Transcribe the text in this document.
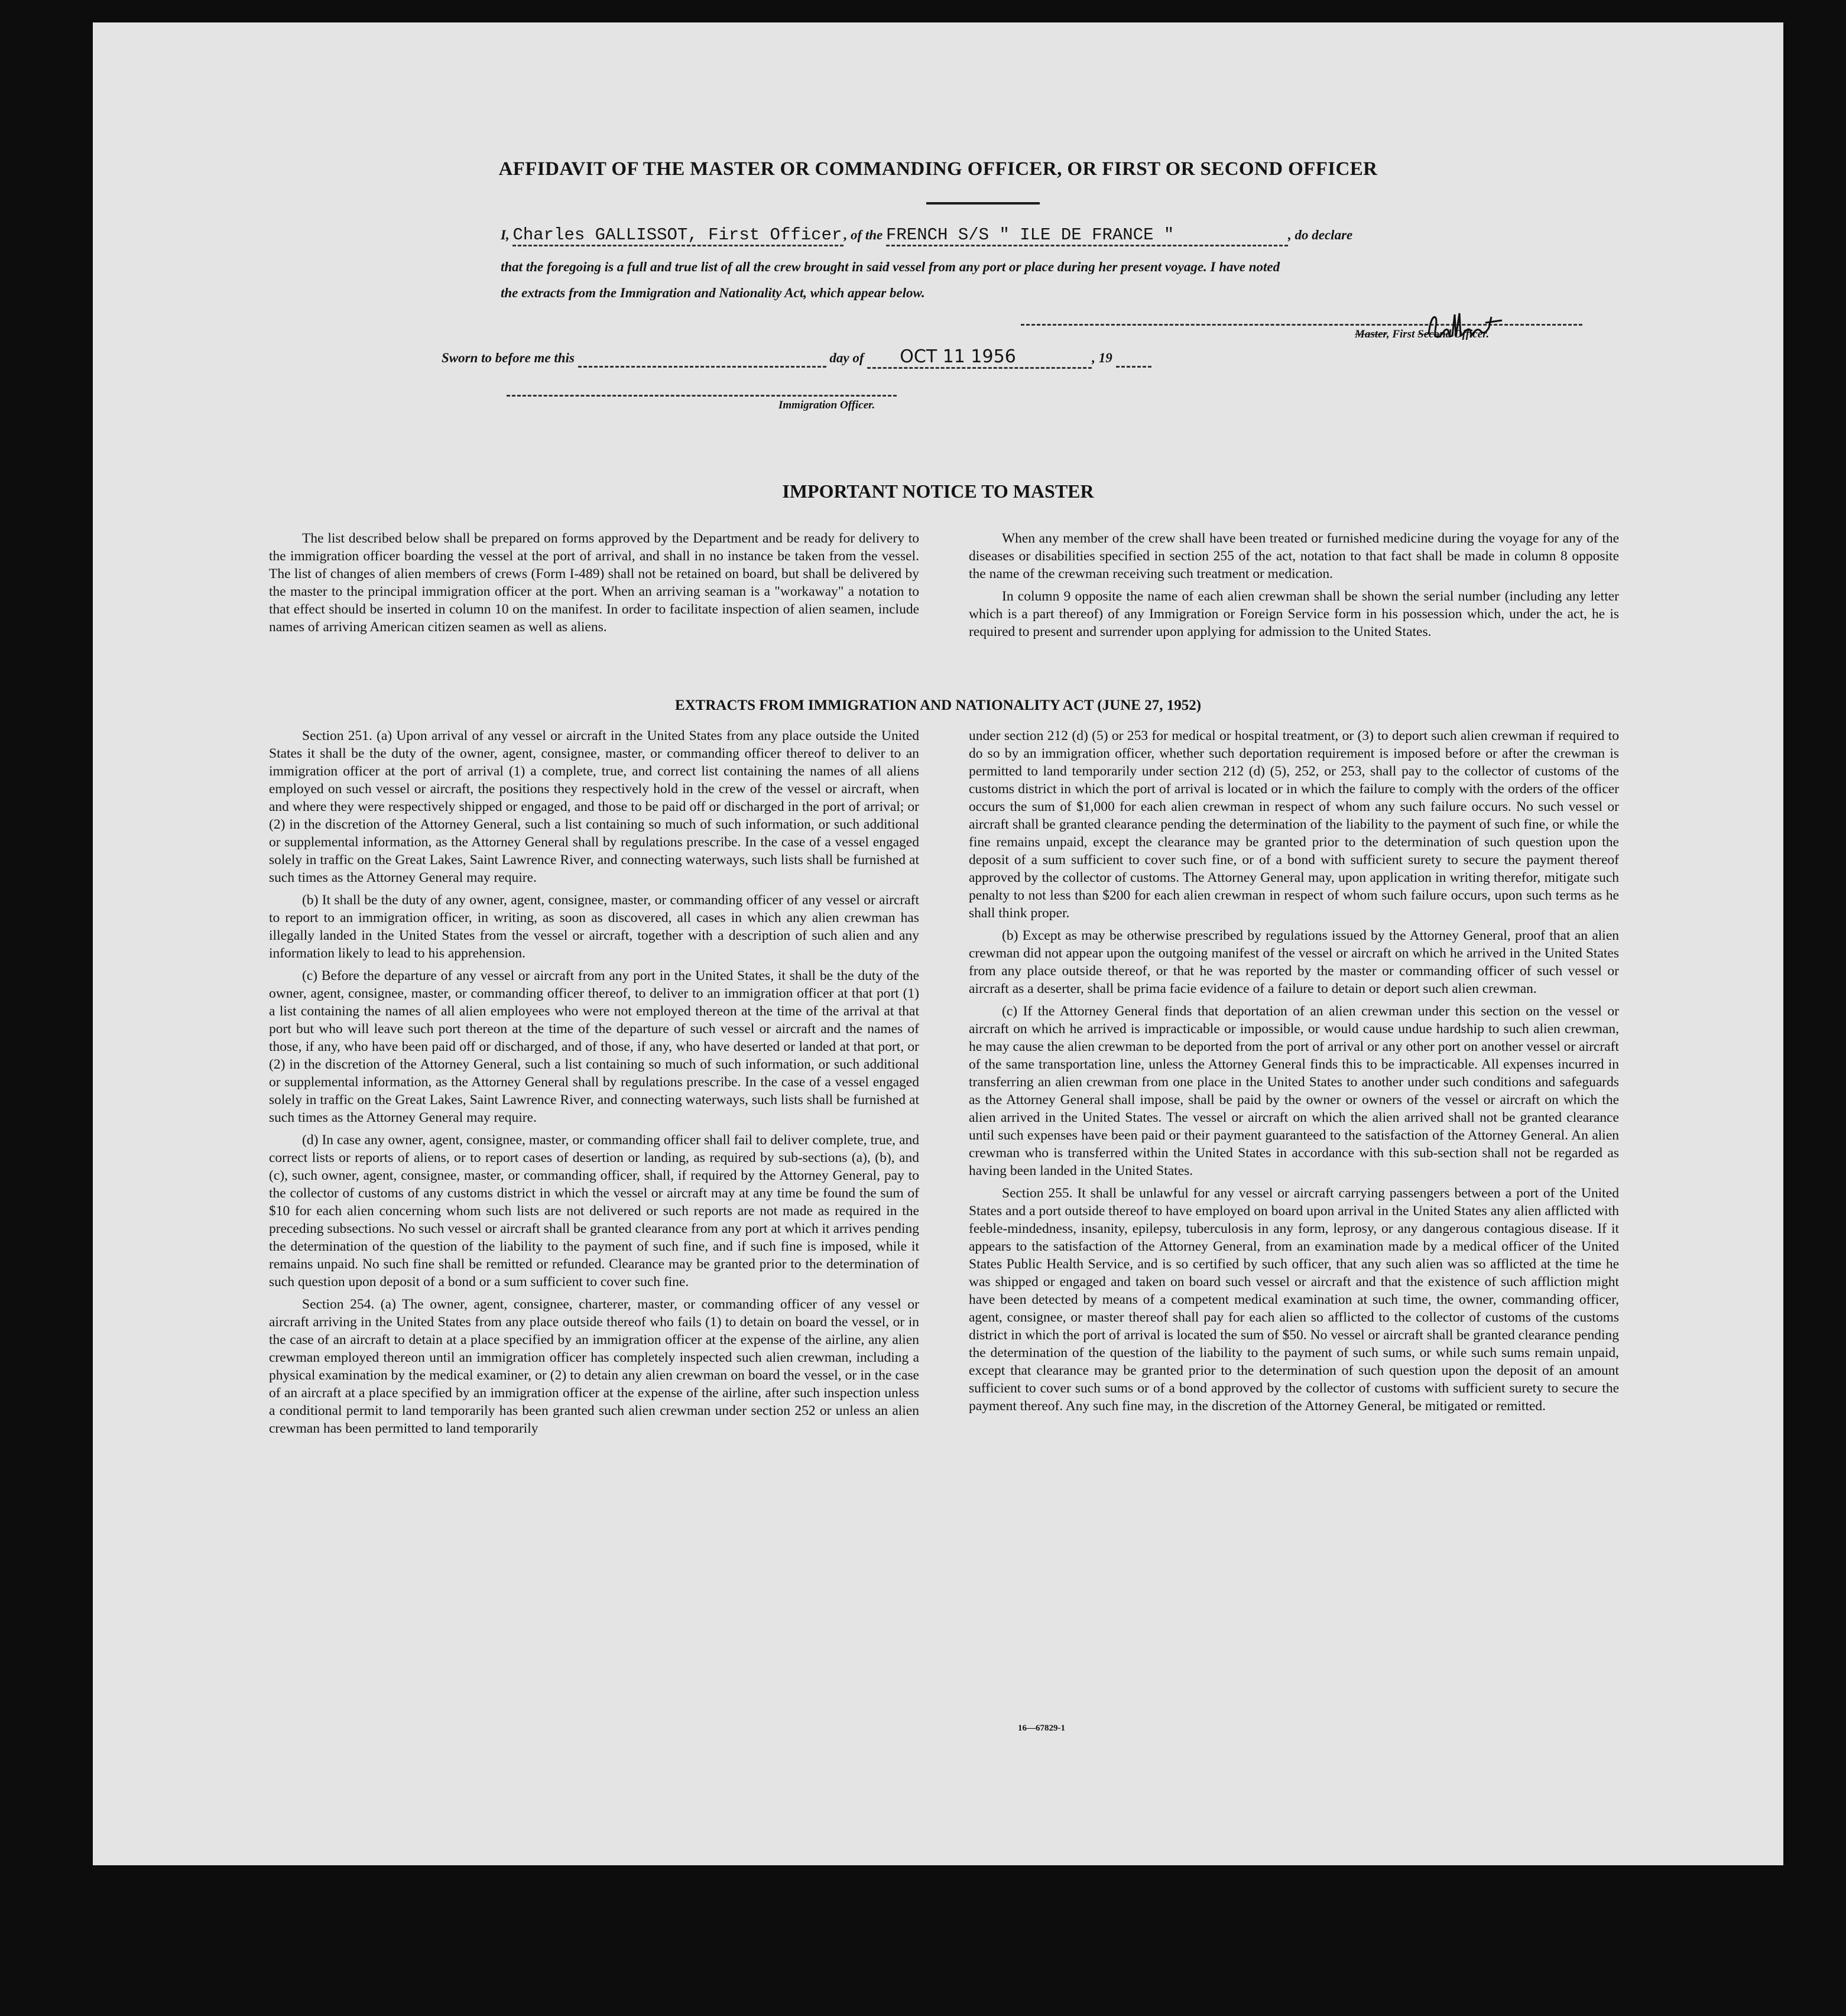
AFFIDAVIT OF THE MASTER OR COMMANDING OFFICER, OR FIRST OR SECOND OFFICER
I, Charles GALLISSOT, First Officer , of the FRENCH S/S " ILE DE FRANCE "	, do declare
that the foregoing is a full and true list of all the crew brought in said vessel from any port or place during her present voyage. I have noted
the extracts from the Immigration and Nationality Act, which appear below.
Master, First Second Officer.
Sworn to before me this	day of OCT 11 1956	, 19
Immigration Officer.
IMPORTANT NOTICE TO MASTER

The list described below shall be prepared on forms approved by the Department and be ready for delivery to the immigration officer boarding the vessel at the port of arrival, and shall in no instance be taken from the vessel. The list of changes of alien members of crews (Form I-489) shall not be retained on board, but shall be delivered by the master to the principal immigration officer at the port. When an arriving seaman is a "workaway" a notation to that effect should be inserted in column 10 on the manifest. In order to facilitate inspection of alien seamen, include names of arriving American citizen seamen as well as aliens.

When any member of the crew shall have been treated or furnished medicine during the voyage for any of the diseases or disabilities specified in section 255 of the act, notation to that fact shall be made in column 8 opposite the name of the crewman receiving such treatment or medication.

In column 9 opposite the name of each alien crewman shall be shown the serial number (including any letter which is a part thereof) of any Immigration or Foreign Service form in his possession which, under the act, he is required to present and surrender upon applying for admission to the United States.

EXTRACTS FROM IMMIGRATION AND NATIONALITY ACT (JUNE 27, 1952)

Section 251. (a) Upon arrival of any vessel or aircraft in the United States from any place outside the United States it shall be the duty of the owner, agent, consignee, master, or commanding officer thereof to deliver to an immigration officer at the port of arrival (1) a complete, true, and correct list containing the names of all aliens employed on such vessel or aircraft, the positions they respectively hold in the crew of the vessel or aircraft, when and where they were respectively shipped or engaged, and those to be paid off or discharged in the port of arrival; or (2) in the discretion of the Attorney General, such a list containing so much of such information, or such additional or supplemental information, as the Attorney General shall by regulations prescribe. In the case of a vessel engaged solely in traffic on the Great Lakes, Saint Lawrence River, and connecting waterways, such lists shall be furnished at such times as the Attorney General may require.

(b) It shall be the duty of any owner, agent, consignee, master, or commanding officer of any vessel or aircraft to report to an immigration officer, in writing, as soon as discovered, all cases in which any alien crewman has illegally landed in the United States from the vessel or aircraft, together with a description of such alien and any information likely to lead to his apprehension.

(c) Before the departure of any vessel or aircraft from any port in the United States, it shall be the duty of the owner, agent, consignee, master, or commanding officer thereof, to deliver to an immigration officer at that port (1) a list containing the names of all alien employees who were not employed thereon at the time of the arrival at that port but who will leave such port thereon at the time of the departure of such vessel or aircraft and the names of those, if any, who have been paid off or discharged, and of those, if any, who have deserted or landed at that port, or (2) in the discretion of the Attorney General, such a list containing so much of such information, or such additional or supplemental information, as the Attorney General shall by regulations prescribe. In the case of a vessel engaged solely in traffic on the Great Lakes, Saint Lawrence River, and connecting waterways, such lists shall be furnished at such times as the Attorney General may require.

(d) In case any owner, agent, consignee, master, or commanding officer shall fail to deliver complete, true, and correct lists or reports of aliens, or to report cases of desertion or landing, as required by sub-sections (a), (b), and (c), such owner, agent, consignee, master, or commanding officer, shall, if required by the Attorney General, pay to the collector of customs of any customs district in which the vessel or aircraft may at any time be found the sum of $10 for each alien concerning whom such lists are not delivered or such reports are not made as required in the preceding subsections. No such vessel or aircraft shall be granted clearance from any port at which it arrives pending the determination of the question of the liability to the payment of such fine, and if such fine is imposed, while it remains unpaid. No such fine shall be remitted or refunded. Clearance may be granted prior to the determination of such question upon deposit of a bond or a sum sufficient to cover such fine.

Section 254. (a) The owner, agent, consignee, charterer, master, or commanding officer of any vessel or aircraft arriving in the United States from any place outside thereof who fails (1) to detain on board the vessel, or in the case of an aircraft to detain at a place specified by an immigration officer at the expense of the airline, any alien crewman employed thereon until an immigration officer has completely inspected such alien crewman, including a physical examination by the medical examiner, or (2) to detain any alien crewman on board the vessel, or in the case of an aircraft at a place specified by an immigration officer at the expense of the airline, after such inspection unless a conditional permit to land temporarily has been granted such alien crewman under section 252 or unless an alien crewman has been permitted to land temporarily

under section 212 (d) (5) or 253 for medical or hospital treatment, or (3) to deport such alien crewman if required to do so by an immigration officer, whether such deportation requirement is imposed before or after the crewman is permitted to land temporarily under section 212 (d) (5), 252, or 253, shall pay to the collector of customs of the customs district in which the port of arrival is located or in which the failure to comply with the orders of the officer occurs the sum of $1,000 for each alien crewman in respect of whom any such failure occurs. No such vessel or aircraft shall be granted clearance pending the determination of the liability to the payment of such fine, or while the fine remains unpaid, except the clearance may be granted prior to the determination of such question upon the deposit of a sum sufficient to cover such fine, or of a bond with sufficient surety to secure the payment thereof approved by the collector of customs. The Attorney General may, upon application in writing therefor, mitigate such penalty to not less than $200 for each alien crewman in respect of whom such failure occurs, upon such terms as he shall think proper.

(b) Except as may be otherwise prescribed by regulations issued by the Attorney General, proof that an alien crewman did not appear upon the outgoing manifest of the vessel or aircraft on which he arrived in the United States from any place outside thereof, or that he was reported by the master or commanding officer of such vessel or aircraft as a deserter, shall be prima facie evidence of a failure to detain or deport such alien crewman.

(c) If the Attorney General finds that deportation of an alien crewman under this section on the vessel or aircraft on which he arrived is impracticable or impossible, or would cause undue hardship to such alien crewman, he may cause the alien crewman to be deported from the port of arrival or any other port on another vessel or aircraft of the same transportation line, unless the Attorney General finds this to be impracticable. All expenses incurred in transferring an alien crewman from one place in the United States to another under such conditions and safeguards as the Attorney General shall impose, shall be paid by the owner or owners of the vessel or aircraft on which the alien arrived in the United States. The vessel or aircraft on which the alien arrived shall not be granted clearance until such expenses have been paid or their payment guaranteed to the satisfaction of the Attorney General. An alien crewman who is transferred within the United States in accordance with this sub-section shall not be regarded as having been landed in the United States.

Section 255. It shall be unlawful for any vessel or aircraft carrying passengers between a port of the United States and a port outside thereof to have employed on board upon arrival in the United States any alien afflicted with feeble-mindedness, insanity, epilepsy, tuberculosis in any form, leprosy, or any dangerous contagious disease. If it appears to the satisfaction of the Attorney General, from an examination made by a medical officer of the United States Public Health Service, and is so certified by such officer, that any such alien was so afflicted at the time he was shipped or engaged and taken on board such vessel or aircraft and that the existence of such affliction might have been detected by means of a competent medical examination at such time, the owner, commanding officer, agent, consignee, or master thereof shall pay for each alien so afflicted to the collector of customs of the customs district in which the port of arrival is located the sum of $50. No vessel or aircraft shall be granted clearance pending the determination of the question of the liability to the payment of such sums, or while such sums remain unpaid, except that clearance may be granted prior to the determination of such question upon the deposit of an amount sufficient to cover such sums or of a bond approved by the collector of customs with sufficient surety to secure the payment thereof. Any such fine may, in the discretion of the Attorney General, be mitigated or remitted.

16—67829-1
